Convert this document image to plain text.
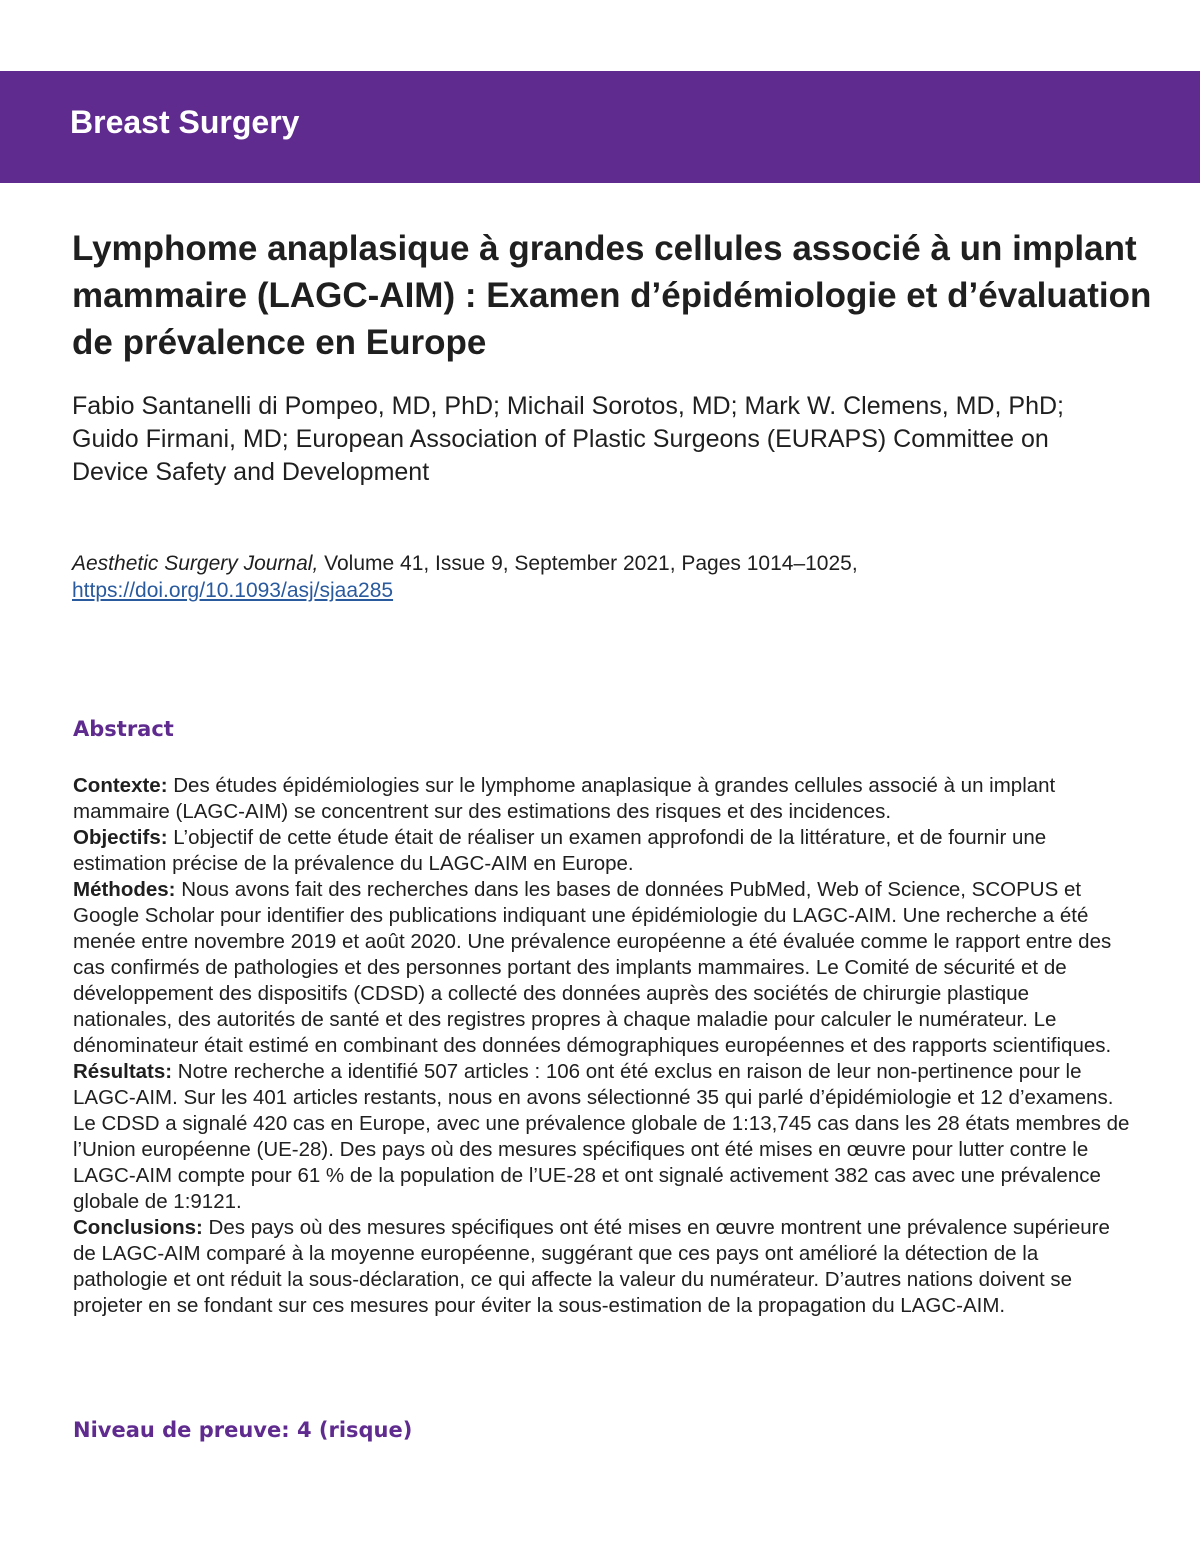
Breast Surgery
Lymphome anaplasique à grandes cellules associé à un implant mammaire (LAGC-AIM) : Examen d’épidémiologie et d’évaluation de prévalence en Europe

Fabio Santanelli di Pompeo, MD, PhD; Michail Sorotos, MD; Mark W. Clemens, MD, PhD; Guido Firmani, MD; European Association of Plastic Surgeons (EURAPS) Committee on Device Safety and Development

Aesthetic Surgery Journal, Volume 41, Issue 9, September 2021, Pages 1014–1025,
https://doi.org/10.1093/asj/sjaa285

Abstract
Contexte: Des études épidémiologies sur le lymphome anaplasique à grandes cellules associé à un implant mammaire (LAGC-AIM) se concentrent sur des estimations des risques et des incidences.
Objectifs: L’objectif de cette étude était de réaliser un examen approfondi de la littérature, et de fournir une estimation précise de la prévalence du LAGC-AIM en Europe.
Méthodes: Nous avons fait des recherches dans les bases de données PubMed, Web of Science, SCOPUS et Google Scholar pour identifier des publications indiquant une épidémiologie du LAGC-AIM. Une recherche a été menée entre novembre 2019 et août 2020. Une prévalence européenne a été évaluée comme le rapport entre des cas confirmés de pathologies et des personnes portant des implants mammaires. Le Comité de sécurité et de développement des dispositifs (CDSD) a collecté des données auprès des sociétés de chirurgie plastique nationales, des autorités de santé et des registres propres à chaque maladie pour calculer le numérateur. Le dénominateur était estimé en combinant des données démographiques européennes et des rapports scientifiques.
Résultats: Notre recherche a identifié 507 articles : 106 ont été exclus en raison de leur non-pertinence pour le LAGC-AIM. Sur les 401 articles restants, nous en avons sélectionné 35 qui parlé d’épidémiologie et 12 d’examens. Le CDSD a signalé 420 cas en Europe, avec une prévalence globale de 1:13,745 cas dans les 28 états membres de l’Union européenne (UE-28). Des pays où des mesures spécifiques ont été mises en œuvre pour lutter contre le LAGC-AIM compte pour 61 % de la population de l’UE-28 et ont signalé activement 382 cas avec une prévalence globale de 1:9121.
Conclusions: Des pays où des mesures spécifiques ont été mises en œuvre montrent une prévalence supérieure de LAGC-AIM comparé à la moyenne européenne, suggérant que ces pays ont amélioré la détection de la pathologie et ont réduit la sous-déclaration, ce qui affecte la valeur du numérateur. D’autres nations doivent se projeter en se fondant sur ces mesures pour éviter la sous-estimation de la propagation du LAGC-AIM.
Niveau de preuve: 4 (risque)
